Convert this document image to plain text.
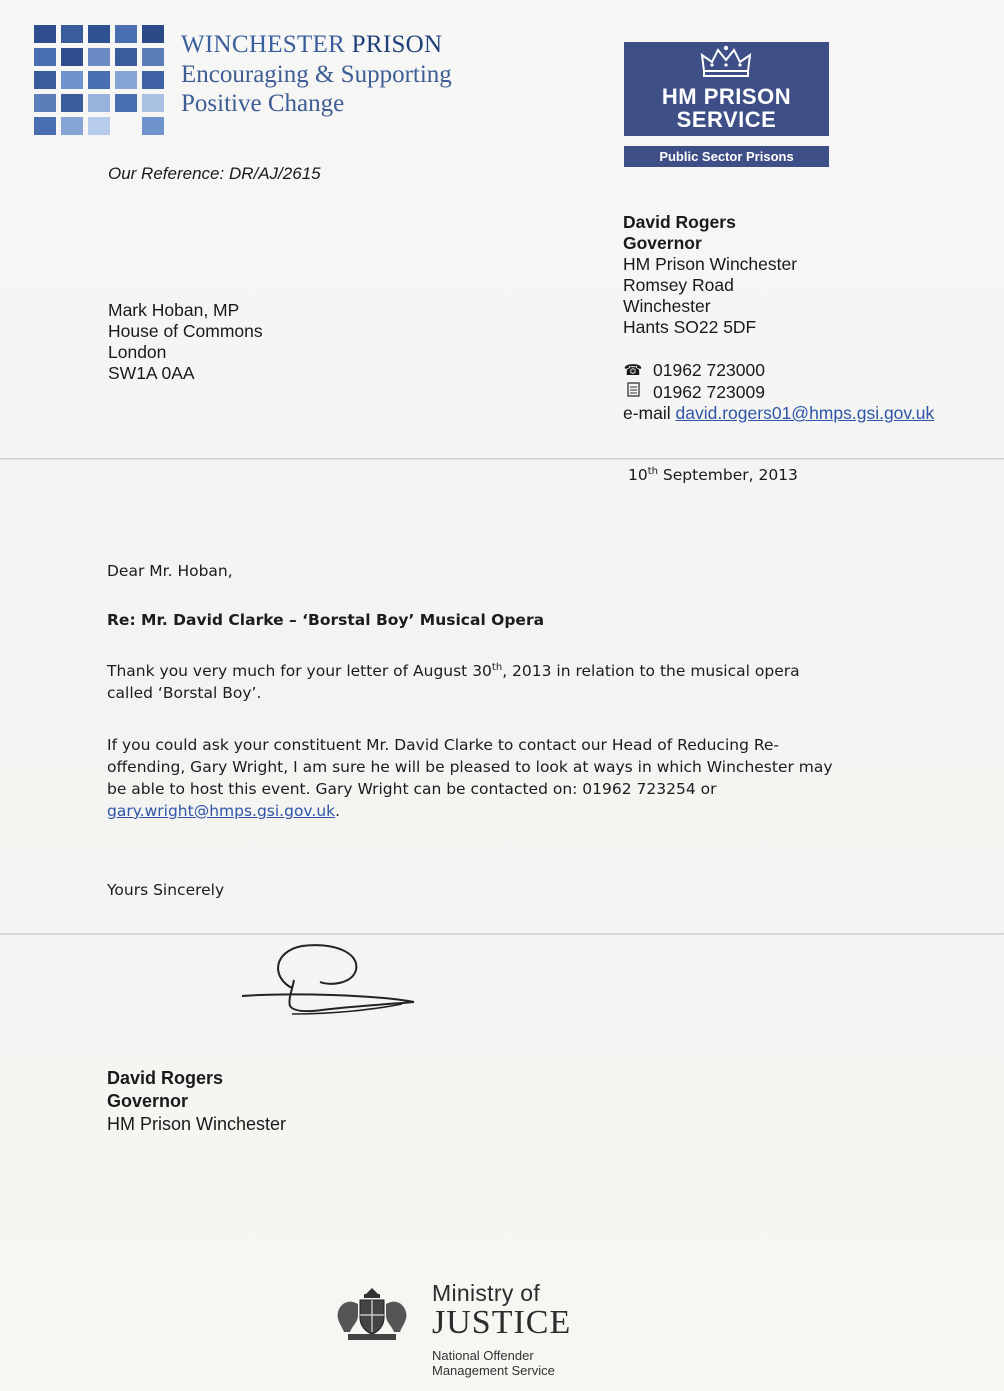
WINCHESTER PRISON
Encouraging & Supporting
Positive Change	HM PRISON
SERVICE
Public Sector Prisons
Our Reference: DR/AJ/2615
David Rogers
Governor
HM Prison Winchester
Romsey Road
Winchester
Hants SO22 5DF
☎ 01962 723000
01962 723009
e-mail david.rogers01@hmps.gsi.gov.uk
Mark Hoban, MP
House of Commons
London
SW1A 0AA
10th September, 2013
Dear Mr. Hoban,
Re: Mr. David Clarke – ‘Borstal Boy’ Musical Opera
Thank you very much for your letter of August 30th, 2013 in relation to the musical opera called ‘Borstal Boy’.
If you could ask your constituent Mr. David Clarke to contact our Head of Reducing Re-offending, Gary Wright, I am sure he will be pleased to look at ways in which Winchester may be able to host this event. Gary Wright can be contacted on: 01962 723254 or gary.wright@hmps.gsi.gov.uk.
Yours Sincerely
David Rogers
Governor
HM Prison Winchester
Ministry of
JUSTICE
National Offender
Management Service
